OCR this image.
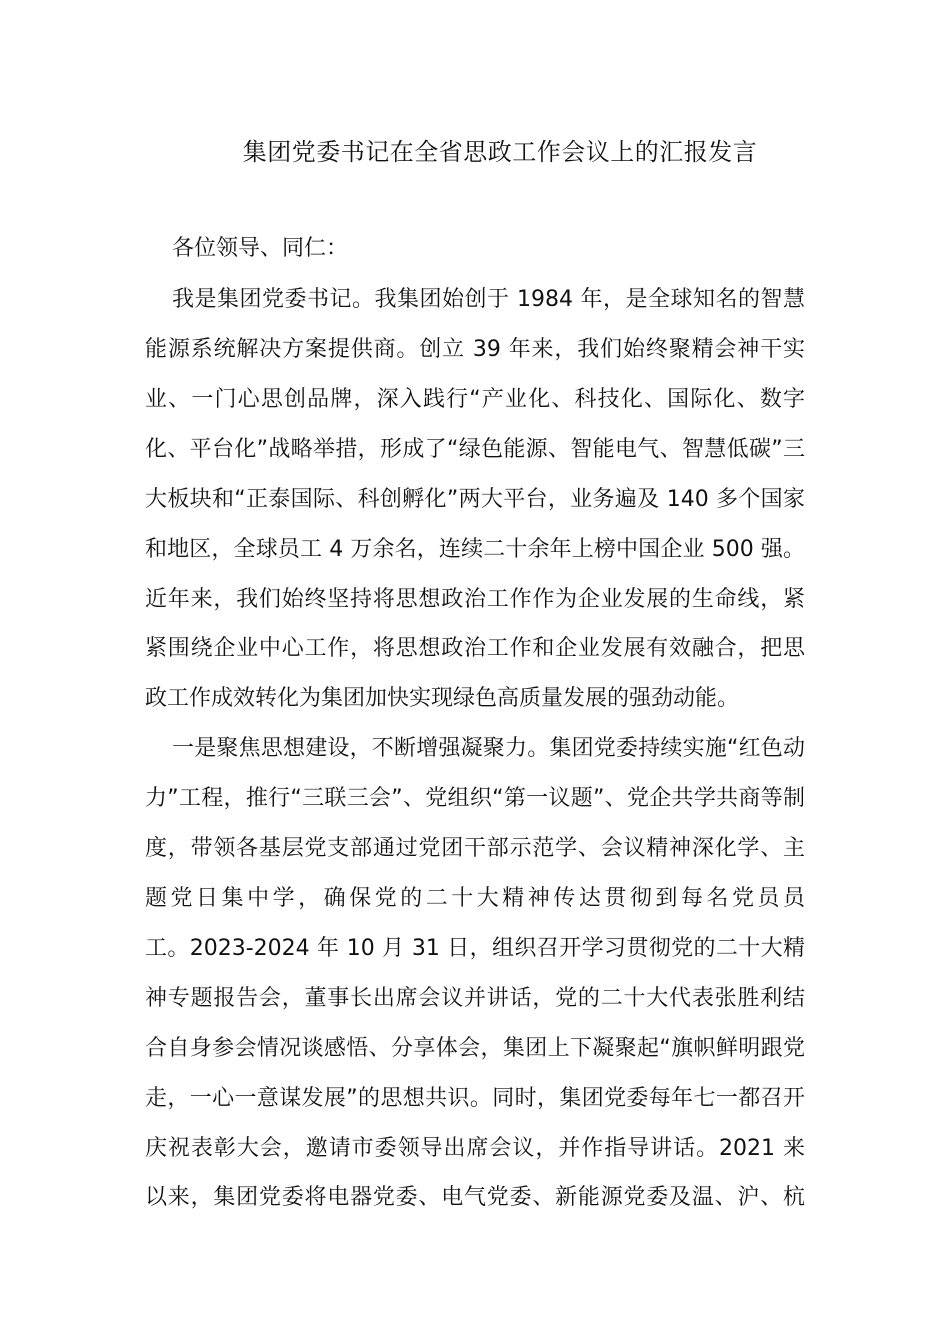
集团党委书记在全省思政工作会议上的汇报发言
各位领导、同仁：
我是集团党委书记。我集团始创于 1984 年，是全球知名的智慧
能源系统解决方案提供商。创立 39 年来，我们始终聚精会神干实
业、一门心思创品牌，深入践行“产业化、科技化、国际化、数字
化、平台化”战略举措，形成了“绿色能源、智能电气、智慧低碳”三
大板块和“正泰国际、科创孵化”两大平台，业务遍及 140 多个国家
和地区，全球员工 4 万余名，连续二十余年上榜中国企业 500 强。
近年来，我们始终坚持将思想政治工作作为企业发展的生命线，紧
紧围绕企业中心工作，将思想政治工作和企业发展有效融合，把思
政工作成效转化为集团加快实现绿色高质量发展的强劲动能。
一是聚焦思想建设，不断增强凝聚力。集团党委持续实施“红色动
力”工程，推行“三联三会”、党组织“第一议题”、党企共学共商等制
度，带领各基层党支部通过党团干部示范学、会议精神深化学、主
题党日集中学，确保党的二十大精神传达贯彻到每名党员员
工。2023-2024 年 10 月 31 日，组织召开学习贯彻党的二十大精
神专题报告会，董事长出席会议并讲话，党的二十大代表张胜利结
合自身参会情况谈感悟、分享体会，集团上下凝聚起“旗帜鲜明跟党
走，一心一意谋发展”的思想共识。同时，集团党委每年七一都召开
庆祝表彰大会，邀请市委领导出席会议，并作指导讲话。2021 来
以来，集团党委将电器党委、电气党委、新能源党委及温、沪、杭
